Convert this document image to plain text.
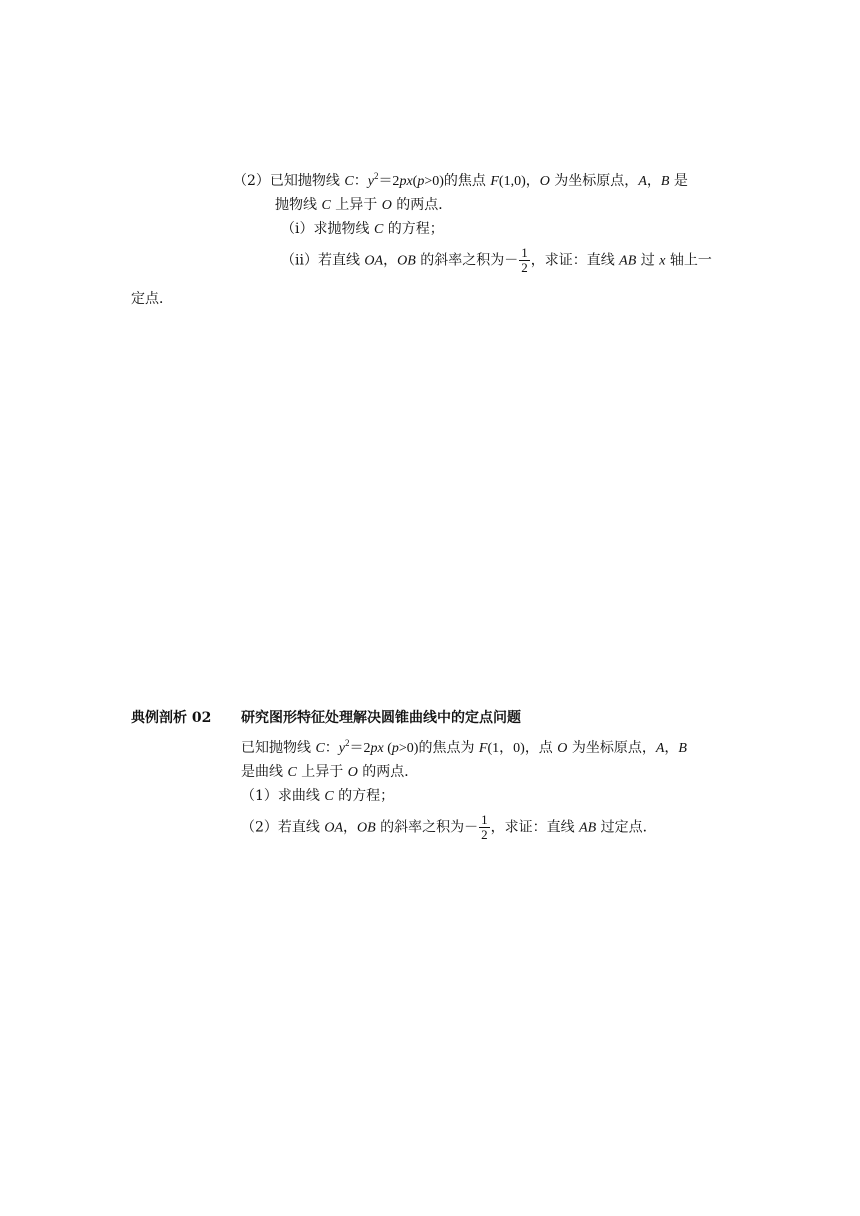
（2）已知抛物线 C：$y^2=2px(p>0)$的焦点 F(1,0)，O 为坐标原点，A，B 是
抛物线 C 上异于 O 的两点．
（ⅰ）求抛物线 C 的方程；
（ⅱ）若直线 OA，OB 的斜率之积为－ $\frac{1}{2}$ ，求证：直线 AB 过 x 轴上一
定点．
典例剖析 02 研究图形特征处理解决圆锥曲线中的定点问题
已知抛物线 C：$y^2=2px$ (p>0)的焦点为 F(1，0)，点 O 为坐标原点，A，B
是曲线 C 上异于 O 的两点．
（1）求曲线 C 的方程；
（2）若直线 OA，OB 的斜率之积为－ $\frac{1}{2}$ ，求证：直线 AB 过定点．
